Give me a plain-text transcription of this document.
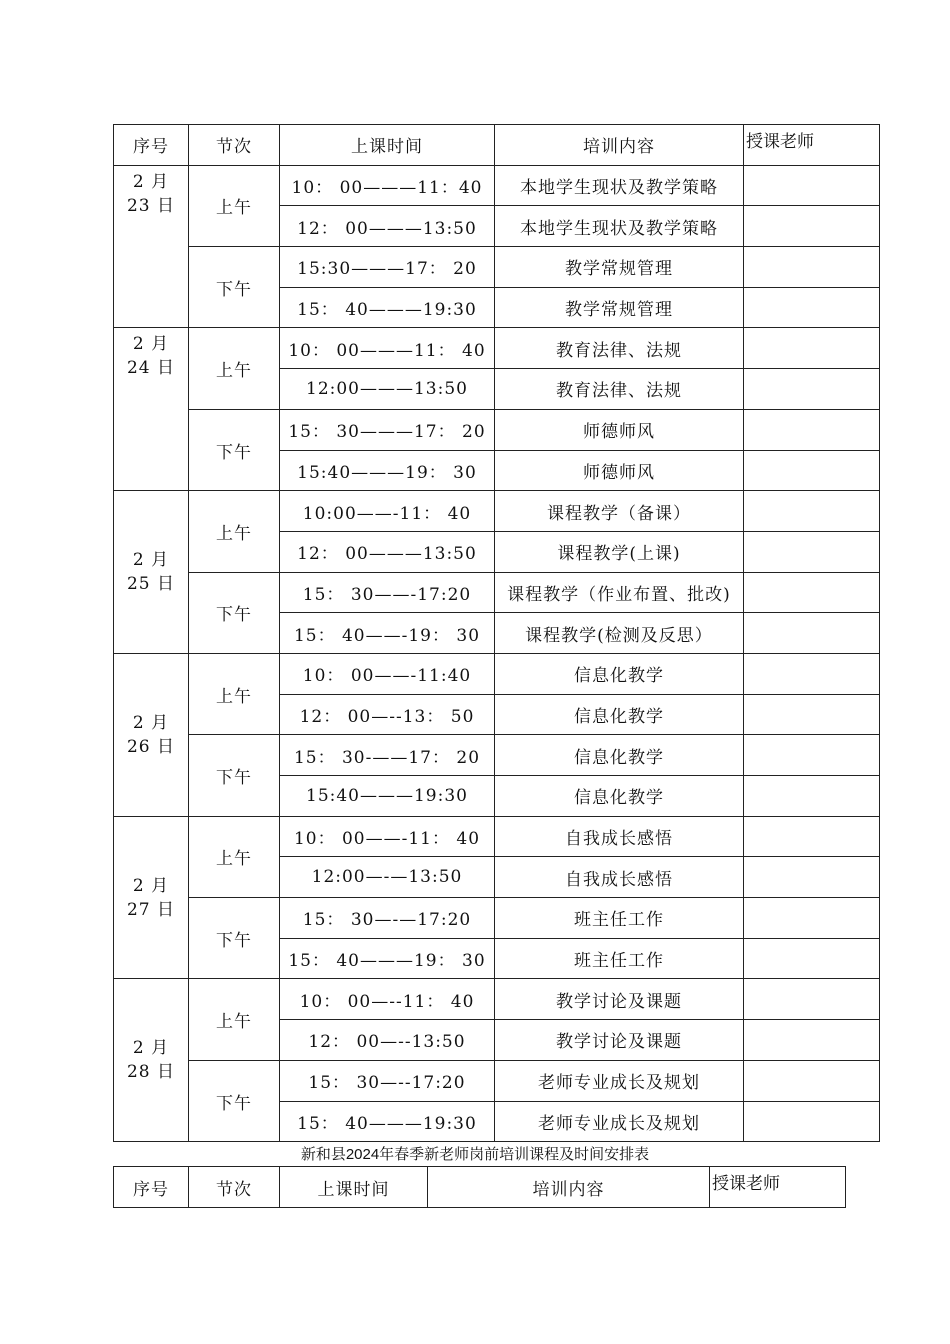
序号	节次	上课时间	培训内容	授课老师

2 月
23 日	上午	10： 00———11：40	本地学生现状及教学策略	
		12： 00———13:50	本地学生现状及教学策略	
	下午	15:30———17： 20	教学常规管理	
		15： 40———19:30	教学常规管理	

2 月
24 日	上午	10： 00———11： 40	教育法律、法规	
		12:00———13:50	教育法律、法规	
	下午	15： 30———17： 20	师德师风	
		15:40———19： 30	师德师风	

2 月
25 日	上午	10:00——-11： 40	课程教学（备课）	
		12： 00———13:50	课程教学(上课)	
	下午	15： 30——-17:20	课程教学（作业布置、批改)	
		15： 40——-19： 30	课程教学(检测及反思）	

2 月
26 日	上午	10： 00——-11:40	信息化教学	
		12： 00—--13： 50	信息化教学	
	下午	15： 30-——17： 20	信息化教学	
		15:40———19:30	信息化教学	

2 月
27 日	上午	10： 00——-11： 40	自我成长感悟	
		12:00—-—13:50	自我成长感悟	
	下午	15： 30—-—17:20	班主任工作	
		15： 40———19： 30	班主任工作	

2 月
28 日	上午	10： 00—--11： 40	教学讨论及课题	
		12： 00—--13:50	教学讨论及课题	
	下午	15： 30—--17:20	老师专业成长及规划	
		15： 40———19:30	老师专业成长及规划	
新和县2024年春季新老师岗前培训课程及时间安排表
序号	节次	上课时间	培训内容	授课老师
